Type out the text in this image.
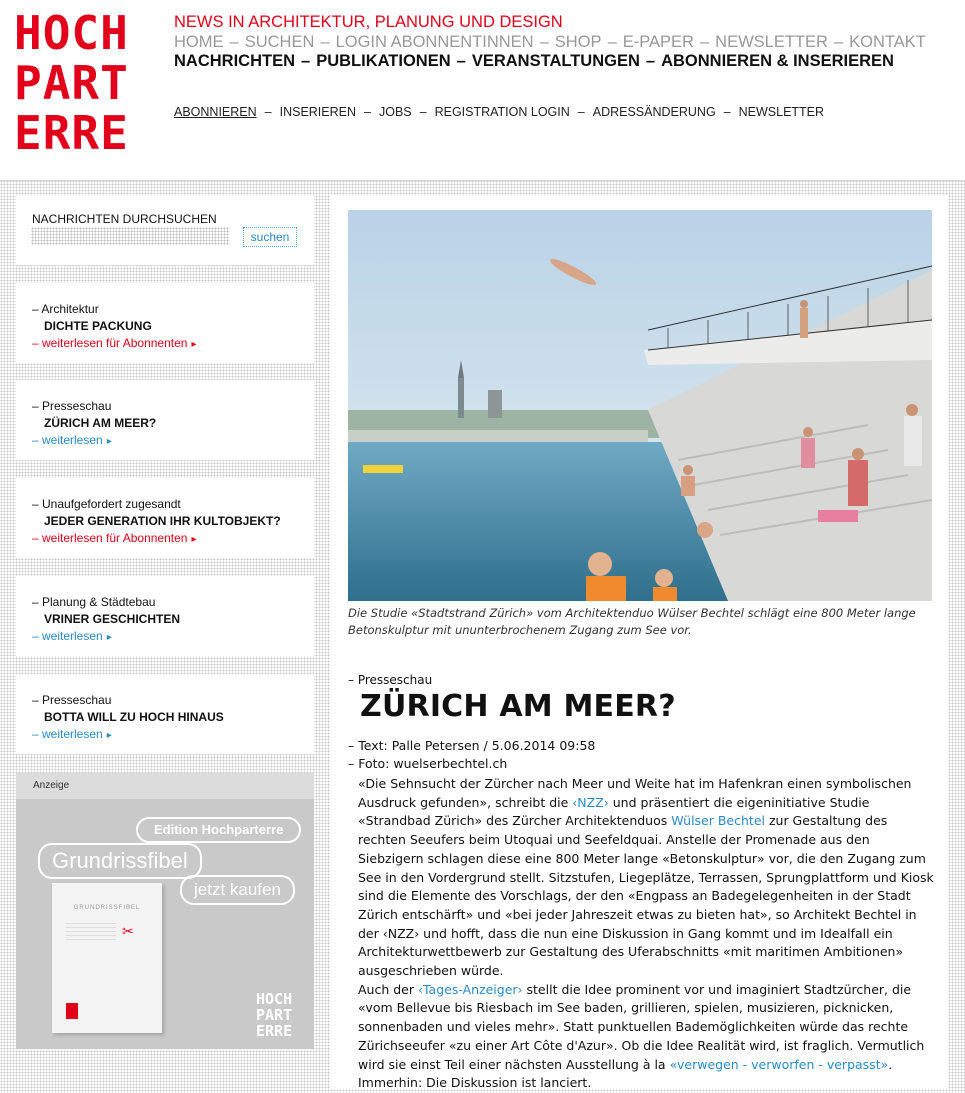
HOCH
PART
ERRE
NEWS IN ARCHITEKTUR, PLANUNG UND DESIGN
HOME – SUCHEN – LOGIN ABONNENTINNEN – SHOP – E-PAPER – NEWSLETTER – KONTAKT
NACHRICHTEN – PUBLIKATIONEN – VERANSTALTUNGEN – ABONNIEREN & INSERIEREN
ABONNIEREN – INSERIEREN – JOBS – REGISTRATION LOGIN – ADRESSÄNDERUNG – NEWSLETTER
NACHRICHTEN DURCHSUCHEN
suchen
– Architektur
DICHTE PACKUNG
– weiterlesen für Abonnenten ▸
– Presseschau
ZÜRICH AM MEER?
– weiterlesen ▸
– Unaufgefordert zugesandt
JEDER GENERATION IHR KULTOBJEKT?
– weiterlesen für Abonnenten ▸
– Planung & Städtebau
VRINER GESCHICHTEN
– weiterlesen ▸
– Presseschau
BOTTA WILL ZU HOCH HINAUS
– weiterlesen ▸
Anzeige
Edition Hochparterre
Grundrissfibel
GRUNDRISSFIBEL
✂
jetzt kaufen
HOCH
PART
ERRE
Die Studie «Stadtstrand Zürich» vom Architektenduo Wülser Bechtel schlägt eine 800 Meter lange Betonskulptur mit ununterbrochenem Zugang zum See vor.
– Presseschau
ZÜRICH AM MEER?
– Text: Palle Petersen / 5.06.2014 09:58
– Foto: wuelserbechtel.ch

«Die Sehnsucht der Zürcher nach Meer und Weite hat im Hafenkran einen symbolischen Ausdruck gefunden», schreibt die ‹NZZ› und präsentiert die eigeninitiative Studie «Strandbad Zürich» des Zürcher Architektenduos Wülser Bechtel zur Gestaltung des rechten Seeufers beim Utoquai und Seefeldquai. Anstelle der Promenade aus den Siebzigern schlagen diese eine 800 Meter lange «Betonskulptur» vor, die den Zugang zum See in den Vordergrund stellt. Sitzstufen, Liegeplätze, Terrassen, Sprungplattform und Kiosk sind die Elemente des Vorschlags, der den «Engpass an Badegelegenheiten in der Stadt Zürich entschärft» und «bei jeder Jahreszeit etwas zu bieten hat», so Architekt Bechtel in der ‹NZZ› und hofft, dass die nun eine Diskussion in Gang kommt und im Idealfall ein Architekturwettbewerb zur Gestaltung des Uferabschnitts «mit maritimen Ambitionen» ausgeschrieben würde.

Auch der ‹Tages-Anzeiger› stellt die Idee prominent vor und imaginiert Stadtzürcher, die «vom Bellevue bis Riesbach im See baden, grillieren, spielen, musizieren, picknicken, sonnenbaden und vieles mehr». Statt punktuellen Bademöglichkeiten würde das rechte Zürichseeufer «zu einer Art Côte d'Azur». Ob die Idee Realität wird, ist fraglich. Vermutlich wird sie einst Teil einer nächsten Ausstellung à la «verwegen - verworfen - verpasst». Immerhin: Die Diskussion ist lanciert.
